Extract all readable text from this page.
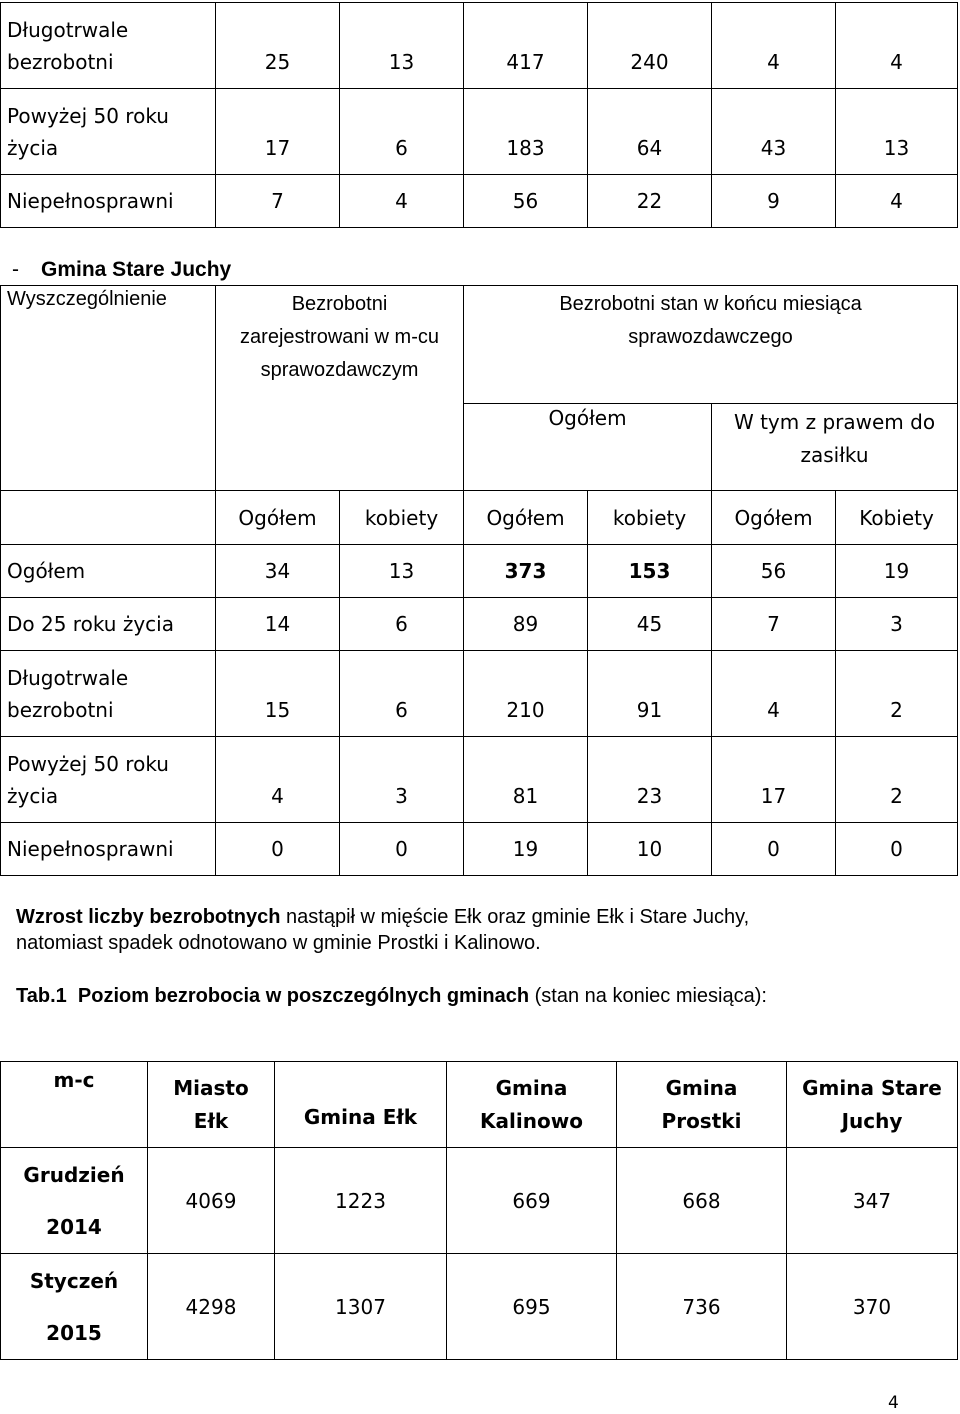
Długotrwale
bezrobotni	25	13	417	240	4	4
Powyżej 50 roku
życia	17	6	183	64	43	13
Niepełnosprawni	7	4	56	22	9	4

- Gmina Stare Juchy

Wyszczególnienie	Bezrobotni
zarejestrowani w m-cu
sprawozdawczym		Bezrobotni stan w końcu miesiąca
sprawozdawczego			
			Ogółem		W tym z prawem do
zasiłku	
	Ogółem	kobiety	Ogółem	kobiety	Ogółem	Kobiety
Ogółem	34	13	373	153	56	19
Do 25 roku życia	14	6	89	45	7	3
Długotrwale
bezrobotni	15	6	210	91	4	2
Powyżej 50 roku
życia	4	3	81	23	17	2
Niepełnosprawni	0	0	19	10	0	0

Wzrost liczby bezrobotnych nastąpił w mięście Ełk oraz gminie Ełk i Stare Juchy,
natomiast spadek odnotowano w gminie Prostki i Kalinowo.

Tab.1 Poziom bezrobocia w poszczególnych gminach (stan na koniec miesiąca):

m-c	Miasto Ełk	Gmina Ełk	Gmina
Kalinowo	Gmina Prostki	Gmina Stare
Juchy
Grudzień
2014	4069	1223	669	668	347
Styczeń
2015	4298	1307	695	736	370

4
